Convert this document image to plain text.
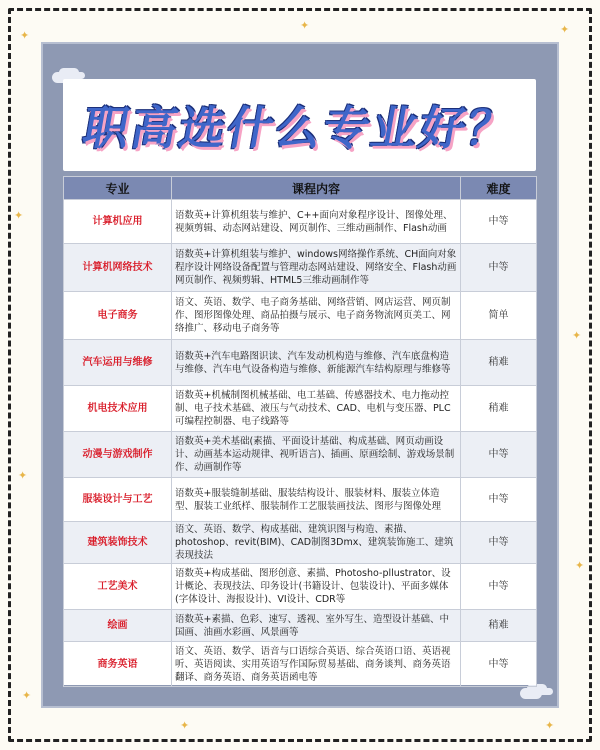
✦	✦
✦
✦
✦
✦
✦
✦
✦
✦
职高选什么专业好？
专业	课程内容	难度
计算机应用	语数英+计算机组装与维护、C++面向对象程序设计、图像处理、视频剪辑、动态网站建设、网页制作、三维动画制作、Flash动画	中等
计算机网络技术	语数英+计算机组装与维护、windows网络操作系统、CH面向对象程序设计网络设备配置与管理动态网站建设、网络安全、Flash动画网页制作、视频剪辑、HTML5三维动画制作等	中等
电子商务	语文、英语、数学、电子商务基础、网络营销、网店运营、网页制作、图形图像处理、商品拍摄与展示、电子商务物流网页美工、网络推广、移动电子商务等	简单
汽车运用与维修	语数英+汽车电路图识读、汽车发动机构造与维修、汽车底盘构造与维修、汽车电气设备构造与维修、新能源汽车结构原理与维修等	稍难
机电技术应用	语数英+机械制图机械基础、电工基础、传感器技术、电力拖动控制、电子技术基础、液压与气动技术、CAD、电机与变压器、PLC可编程控制器、电子线路等	稍难
动漫与游戏制作	语数英+美术基础(素描、平面设计基础、构成基础、网页动画设计、动画基本运动规律、视听语言)、插画、原画绘制、游戏场景制作、动画制作等	中等
服装设计与工艺	语数英+服装缝制基础、服装结构设计、服装材料、服装立体造型、服装工业纸样、服装制作工艺服装画技法、图形与图像处理	中等
建筑装饰技术	语文、英语、数学、构成基础、建筑识图与构造、素描、photoshop、revit(BIM)、CAD制图3Dmx、建筑装饰施工、建筑表现技法	中等
工艺美术	语数英+构成基础、图形创意、素描、Photosho-pllustrator、设计概论、表现技法、印务设计(书籍设计、包装设计)、平面多媒体(字体设计、海报设计)、VI设计、CDR等	中等
绘画	语数英+素描、色彩、速写、透视、室外写生、造型设计基础、中国画、油画水彩画、风景画等	稍难
商务英语	语文、英语、数学、语音与口语综合英语、综合英语口语、英语视听、英语阅读、实用英语写作国际贸易基础、商务谈判、商务英语翻译、商务英语、商务英语函电等	中等
